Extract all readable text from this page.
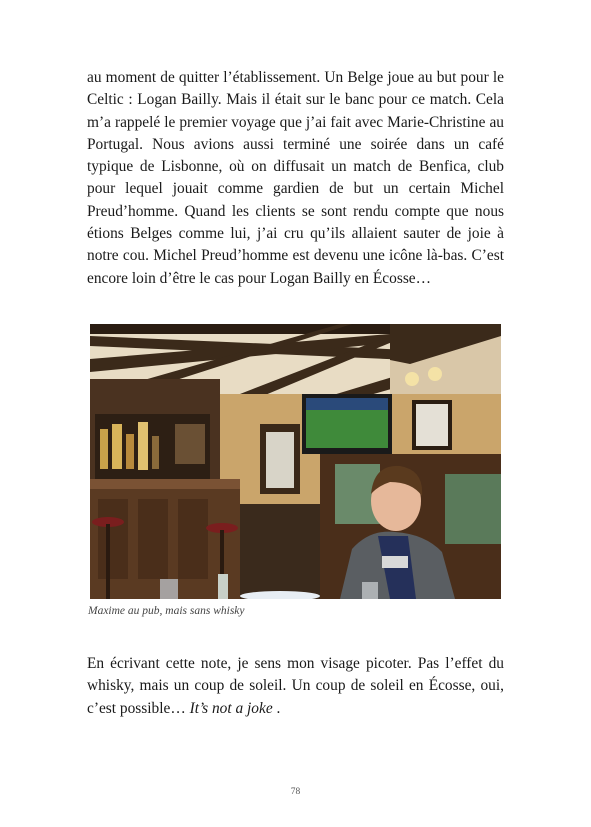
au moment de quitter l’établissement. Un Belge joue au but pour le Celtic : Logan Bailly. Mais il était sur le banc pour ce match. Cela m’a rappelé le premier voyage que j’ai fait avec Marie-Christine au Portugal. Nous avions aussi terminé une soirée dans un café typique de Lisbonne, où on diffusait un match de Benfica, club pour lequel jouait comme gardien de but un certain Michel Preud’homme. Quand les clients se sont rendu compte que nous étions Belges comme lui, j’ai cru qu’ils allaient sauter de joie à notre cou. Michel Preud’homme est devenu une icône là-bas. C’est encore loin d’être le cas pour Logan Bailly en Écosse…

Maxime au pub, mais sans whisky

En écrivant cette note, je sens mon visage picoter. Pas l’effet du whisky, mais un coup de soleil. Un coup de soleil en Écosse, oui, c’est possible… It’s not a joke .

78
